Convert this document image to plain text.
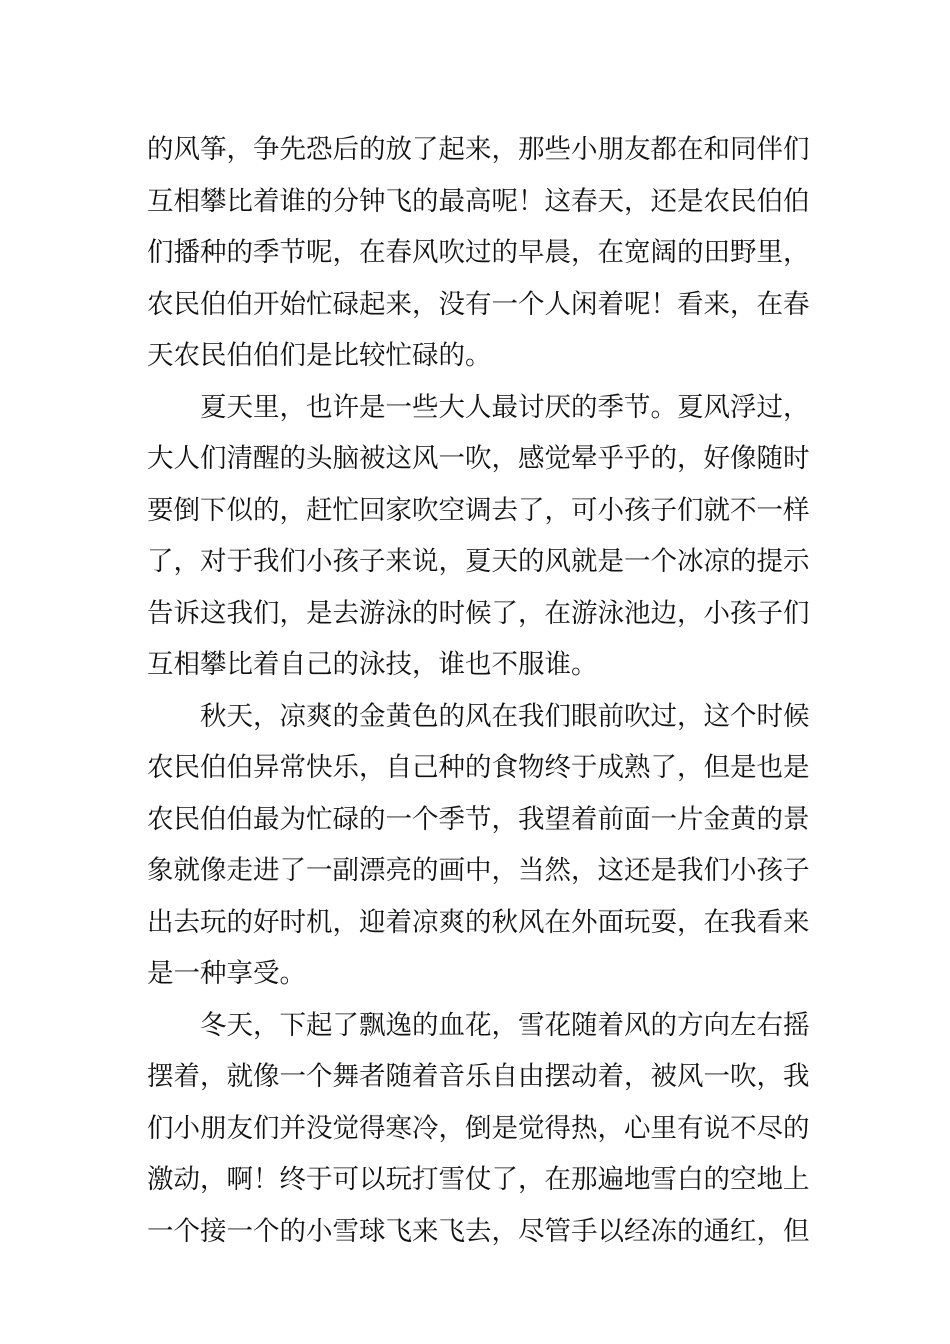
的风筝，争先恐后的放了起来，那些小朋友都在和同伴们
互相攀比着谁的分钟飞的最高呢！这春天，还是农民伯伯
们播种的季节呢，在春风吹过的早晨，在宽阔的田野里，
农民伯伯开始忙碌起来，没有一个人闲着呢！看来，在春
天农民伯伯们是比较忙碌的。
夏天里，也许是一些大人最讨厌的季节。夏风浮过，
大人们清醒的头脑被这风一吹，感觉晕乎乎的，好像随时
要倒下似的，赶忙回家吹空调去了，可小孩子们就不一样
了，对于我们小孩子来说，夏天的风就是一个冰凉的提示
告诉这我们，是去游泳的时候了，在游泳池边，小孩子们
互相攀比着自己的泳技，谁也不服谁。
秋天，凉爽的金黄色的风在我们眼前吹过，这个时候
农民伯伯异常快乐，自己种的食物终于成熟了，但是也是
农民伯伯最为忙碌的一个季节，我望着前面一片金黄的景
象就像走进了一副漂亮的画中，当然，这还是我们小孩子
出去玩的好时机，迎着凉爽的秋风在外面玩耍，在我看来
是一种享受。
冬天，下起了飘逸的血花，雪花随着风的方向左右摇
摆着，就像一个舞者随着音乐自由摆动着，被风一吹，我
们小朋友们并没觉得寒冷，倒是觉得热，心里有说不尽的
激动，啊！终于可以玩打雪仗了，在那遍地雪白的空地上
一个接一个的小雪球飞来飞去，尽管手以经冻的通红，但
